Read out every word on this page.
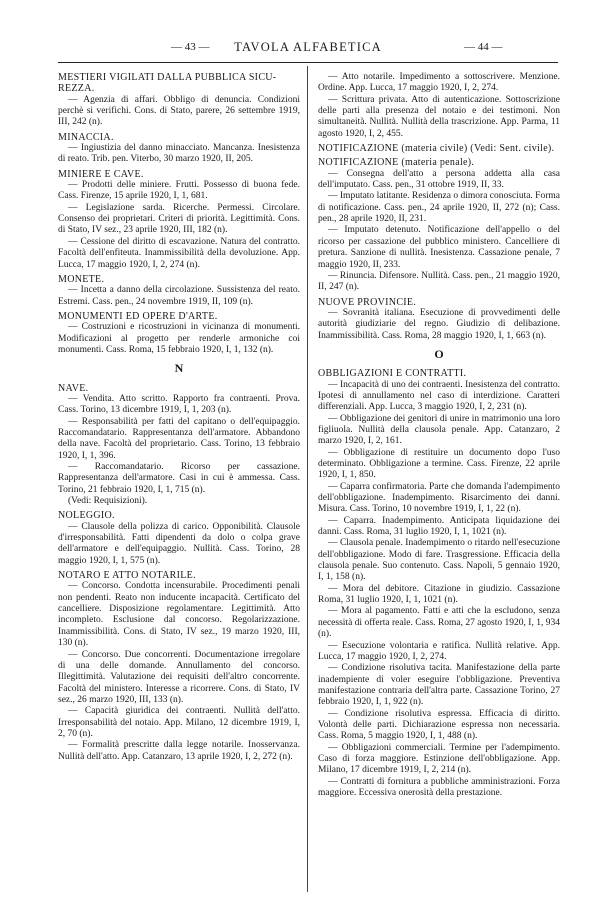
— 43 —	TAVOLA ALFABETICA	— 44 —
MESTIERI VIGILATI DALLA PUBBLICA SICU- REZZA.
— Agenzia di affari. Obbligo di denuncia. Condizioni perchè si verifichi. Cons. di Stato, parere, 26 settembre 1919, III, 242 (n).
MINACCIA.
— Ingiustizia del danno minacciato. Mancanza. Inesistenza di reato. Trib. pen. Viterbo, 30 marzo 1920, II, 205.
MINIERE E CAVE.
— Prodotti delle miniere. Frutti. Possesso di buona fede. Cass. Firenze, 15 aprile 1920, I, 1, 681.
— Legislazione sarda. Ricerche. Permessi. Circolare. Consenso dei proprietari. Criteri di priorità. Legittimità. Cons. di Stato, IV sez., 23 aprile 1920, III, 182 (n).
— Cessione del diritto di escavazione. Natura del contratto. Facoltà dell'enfiteuta. Inammissibilità della devoluzione. App. Lucca, 17 maggio 1920, I, 2, 274 (n).
MONETE.
— Incetta a danno della circolazione. Sussistenza del reato. Estremi. Cass. pen., 24 novembre 1919, II, 109 (n).
MONUMENTI ED OPERE D'ARTE.
— Costruzioni e ricostruzioni in vicinanza di monumenti. Modificazioni al progetto per renderle armoniche coi monumenti. Cass. Roma, 15 febbraio 1920, I, 1, 132 (n).
N
NAVE.
— Vendita. Atto scritto. Rapporto fra contraenti. Prova. Cass. Torino, 13 dicembre 1919, I, 1, 203 (n).
— Responsabilità per fatti del capitano o dell'equipaggio. Raccomandatario. Rappresentanza dell'armatore. Abbandono della nave. Facoltà del proprietario. Cass. Torino, 13 febbraio 1920, I, 1, 396.
— Raccomandatario. Ricorso per cassazione. Rappresentanza dell'armatore. Casi in cui è ammessa. Cass. Torino, 21 febbraio 1920, I, 1, 715 (n).
(Vedi: Requisizioni).
NOLEGGIO.
— Clausole della polizza di carico. Opponibilità. Clausole d'irresponsabilità. Fatti dipendenti da dolo o colpa grave dell'armatore e dell'equipaggio. Nullità. Cass. Torino, 28 maggio 1920, I, 1, 575 (n).
NOTARO E ATTO NOTARILE.
— Concorso. Condotta incensurabile. Procedimenti penali non pendenti. Reato non inducente incapacità. Certificato del cancelliere. Disposizione regolamentare. Legittimità. Atto incompleto. Esclusione dal concorso. Regolarizzazione. Inammissibilità. Cons. di Stato, IV sez., 19 marzo 1920, III, 130 (n).
— Concorso. Due concorrenti. Documentazione irregolare di una delle domande. Annullamento del concorso. Illegittimità. Valutazione dei requisiti dell'altro concorrente. Facoltà del ministero. Interesse a ricorrere. Cons. di Stato, IV sez., 26 marzo 1920, III, 133 (n).
— Capacità giuridica dei contraenti. Nullità dell'atto. Irresponsabilità del notaio. App. Milano, 12 dicembre 1919, I, 2, 70 (n).
— Formalità prescritte dalla legge notarile. Inosservanza. Nullità dell'atto. App. Catanzaro, 13 aprile 1920, I, 2, 272 (n).
— Atto notarile. Impedimento a sottoscrivere. Menzione. Ordine. App. Lucca, 17 maggio 1920, I, 2, 274.
— Scrittura privata. Atto di autenticazione. Sottoscrizione delle parti alla presenza del notaio e dei testimoni. Non simultaneità. Nullità. Nullità della trascrizione. App. Parma, 11 agosto 1920, I, 2, 455.
NOTIFICAZIONE (materia civile) (Vedi: Sent. civile).
NOTIFICAZIONE (materia penale).
— Consegna dell'atto a persona addetta alla casa dell'imputato. Cass. pen., 31 ottobre 1919, II, 33.
— Imputato latitante. Residenza o dimora conosciuta. Forma di notificazione. Cass. pen., 24 aprile 1920, II, 272 (n); Cass. pen., 28 aprile 1920, II, 231.
— Imputato detenuto. Notificazione dell'appello o del ricorso per cassazione del pubblico ministero. Cancelliere di pretura. Sanzione di nullità. Inesistenza. Cassazione penale, 7 maggio 1920, II, 233.
— Rinuncia. Difensore. Nullità. Cass. pen., 21 maggio 1920, II, 247 (n).
NUOVE PROVINCIE.
— Sovranità italiana. Esecuzione di provvedimenti delle autorità giudiziarie del regno. Giudizio di delibazione. Inammissibilità. Cass. Roma, 28 maggio 1920, I, 1, 663 (n).
O
OBBLIGAZIONI E CONTRATTI.
— Incapacità di uno dei contraenti. Inesistenza del contratto. Ipotesi di annullamento nel caso di interdizione. Caratteri differenziali. App. Lucca, 3 maggio 1920, I, 2, 231 (n).
— Obbligazione dei genitori di unire in matrimonio una loro figliuola. Nullità della clausola penale. App. Catanzaro, 2 marzo 1920, I, 2, 161.
— Obbligazione di restituire un documento dopo l'uso determinato. Obbligazione a termine. Cass. Firenze, 22 aprile 1920, I, 1, 850.
— Caparra confirmatoria. Parte che domanda l'adempimento dell'obbligazione. Inadempimento. Risarcimento dei danni. Misura. Cass. Torino, 10 novembre 1919, I, 1, 22 (n).
— Caparra. Inadempimento. Anticipata liquidazione dei danni. Cass. Roma, 31 luglio 1920, I, 1, 1021 (n).
— Clausola penale. Inadempimento o ritardo nell'esecuzione dell'obbligazione. Modo di fare. Trasgressione. Efficacia della clausola penale. Suo contenuto. Cass. Napoli, 5 gennaio 1920, I, 1, 158 (n).
— Mora del debitore. Citazione in giudizio. Cassazione Roma, 31 luglio 1920, I, 1, 1021 (n).
— Mora al pagamento. Fatti e atti che la escludono, senza necessità di offerta reale. Cass. Roma, 27 agosto 1920, I, 1, 934 (n).
— Esecuzione volontaria e ratifica. Nullità relative. App. Lucca, 17 maggio 1920, I, 2, 274.
— Condizione risolutiva tacita. Manifestazione della parte inadempiente di voler eseguire l'obbligazione. Preventiva manifestazione contraria dell'altra parte. Cassazione Torino, 27 febbraio 1920, I, 1, 922 (n).
— Condizione risolutiva espressa. Efficacia di diritto. Volontà delle parti. Dichiarazione espressa non necessaria. Cass. Roma, 5 maggio 1920, I, 1, 488 (n).
— Obbligazioni commerciali. Termine per l'adempimento. Caso di forza maggiore. Estinzione dell'obbligazione. App. Milano, 17 dicembre 1919, I, 2, 214 (n).
— Contratti di fornitura a pubbliche amministrazioni. Forza maggiore. Eccessiva onerosità della prestazione.
